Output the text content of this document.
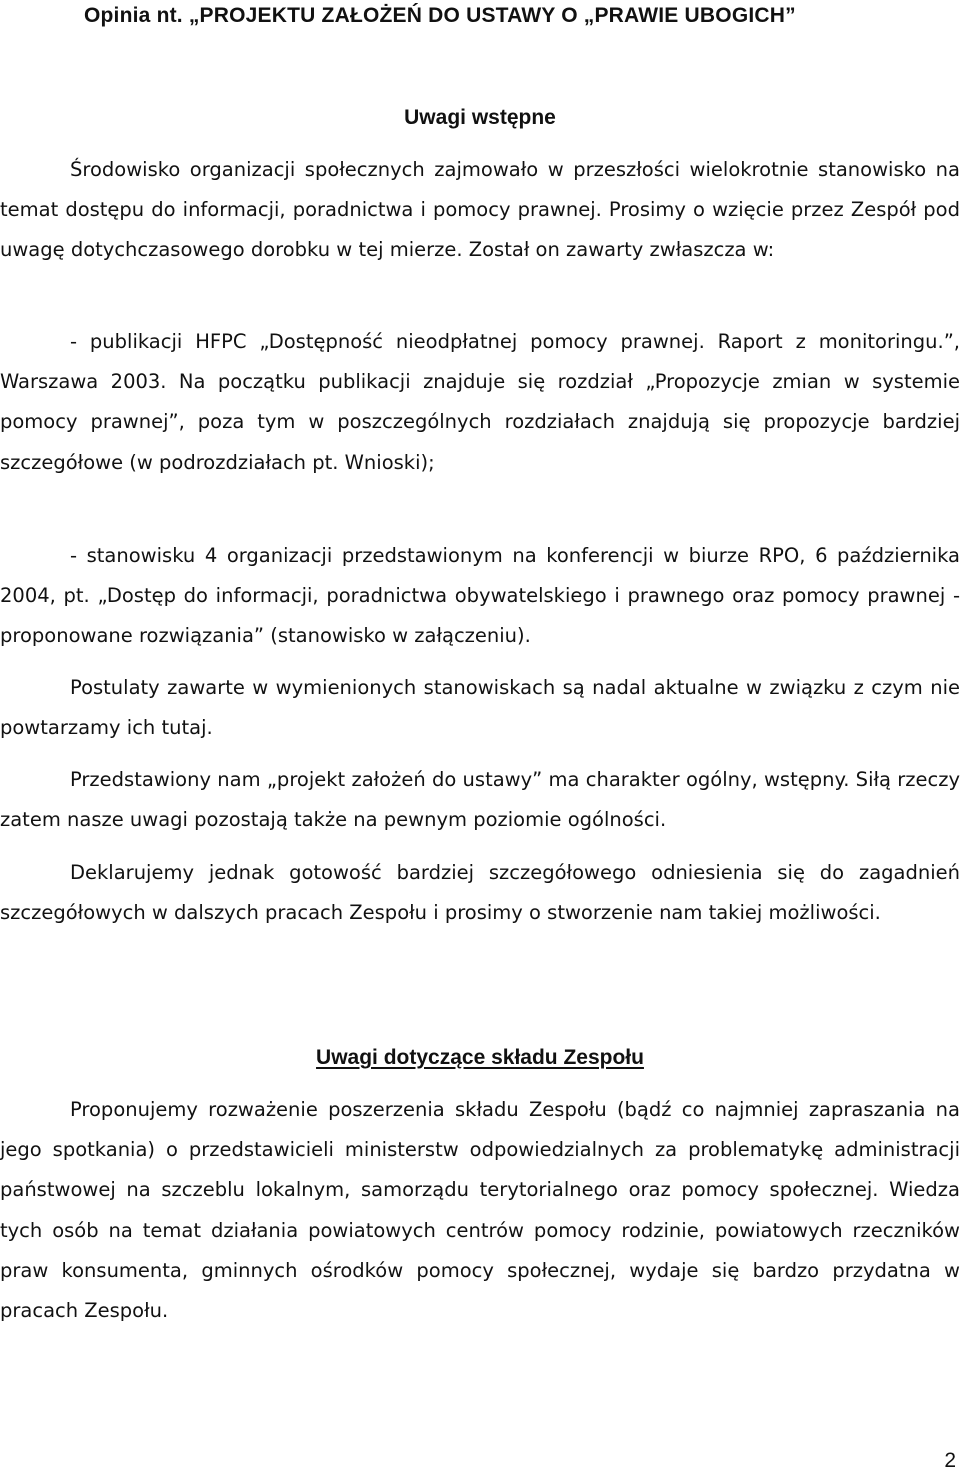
Opinia nt. „PROJEKTU ZAŁOŻEŃ DO USTAWY O „PRAWIE UBOGICH”
Uwagi wstępne

Środowisko organizacji społecznych zajmowało w przeszłości wielokrotnie stanowisko na temat dostępu do informacji, poradnictwa i pomocy prawnej. Prosimy o wzięcie przez Zespół pod uwagę dotychczasowego dorobku w tej mierze. Został on zawarty zwłaszcza w:

- publikacji HFPC „Dostępność nieodpłatnej pomocy prawnej. Raport z monitoringu.”, Warszawa 2003. Na początku publikacji znajduje się rozdział „Propozycje zmian w systemie pomocy prawnej”, poza tym w poszczególnych rozdziałach znajdują się propozycje bardziej szczegółowe (w podrozdziałach pt. Wnioski);

- stanowisku 4 organizacji przedstawionym na konferencji w biurze RPO, 6 października 2004, pt. „Dostęp do informacji, poradnictwa obywatelskiego i prawnego oraz pomocy prawnej - proponowane rozwiązania” (stanowisko w załączeniu).

Postulaty zawarte w wymienionych stanowiskach są nadal aktualne w związku z czym nie powtarzamy ich tutaj.

Przedstawiony nam „projekt założeń do ustawy” ma charakter ogólny, wstępny. Siłą rzeczy zatem nasze uwagi pozostają także na pewnym poziomie ogólności.

Deklarujemy jednak gotowość bardziej szczegółowego odniesienia się do zagadnień szczegółowych w dalszych pracach Zespołu i prosimy o stworzenie nam takiej możliwości.

Uwagi dotyczące składu Zespołu

Proponujemy rozważenie poszerzenia składu Zespołu (bądź co najmniej zapraszania na jego spotkania) o przedstawicieli ministerstw odpowiedzialnych za problematykę administracji państwowej na szczeblu lokalnym, samorządu terytorialnego oraz pomocy społecznej. Wiedza tych osób na temat działania powiatowych centrów pomocy rodzinie, powiatowych rzeczników praw konsumenta, gminnych ośrodków pomocy społecznej, wydaje się bardzo przydatna w pracach Zespołu.

2
